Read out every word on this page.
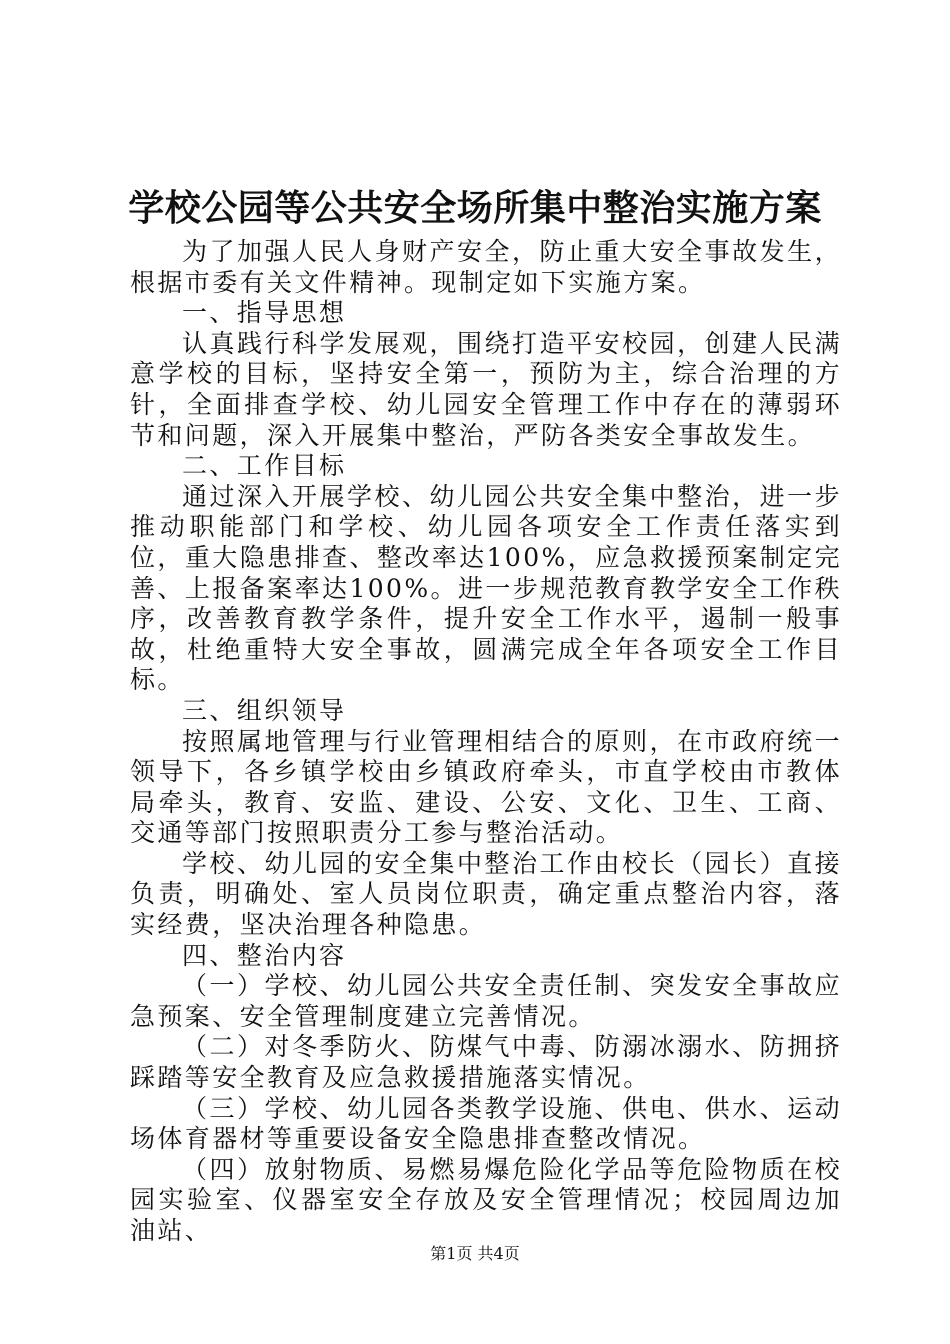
学校公园等公共安全场所集中整治实施方案

为了加强人民人身财产安全，防止重大安全事故发生，根据市委有关文件精神。现制定如下实施方案。

一、指导思想

认真践行科学发展观，围绕打造平安校园，创建人民满意学校的目标，坚持安全第一，预防为主，综合治理的方针，全面排查学校、幼儿园安全管理工作中存在的薄弱环节和问题，深入开展集中整治，严防各类安全事故发生。

二、工作目标

通过深入开展学校、幼儿园公共安全集中整治，进一步推动职能部门和学校、幼儿园各项安全工作责任落实到位，重大隐患排查、整改率达100%，应急救援预案制定完善、上报备案率达100%。进一步规范教育教学安全工作秩序，改善教育教学条件，提升安全工作水平，遏制一般事故，杜绝重特大安全事故，圆满完成全年各项安全工作目标。

三、组织领导

按照属地管理与行业管理相结合的原则，在市政府统一领导下，各乡镇学校由乡镇政府牵头，市直学校由市教体局牵头，教育、安监、建设、公安、文化、卫生、工商、交通等部门按照职责分工参与整治活动。

学校、幼儿园的安全集中整治工作由校长（园长）直接负责，明确处、室人员岗位职责，确定重点整治内容，落实经费，坚决治理各种隐患。

四、整治内容

（一）学校、幼儿园公共安全责任制、突发安全事故应急预案、安全管理制度建立完善情况。

（二）对冬季防火、防煤气中毒、防溺冰溺水、防拥挤踩踏等安全教育及应急救援措施落实情况。

（三）学校、幼儿园各类教学设施、供电、供水、运动场体育器材等重要设备安全隐患排查整改情况。

（四）放射物质、易燃易爆危险化学品等危险物质在校园实验室、仪器室安全存放及安全管理情况；校园周边加油站、

第1页 共4页
